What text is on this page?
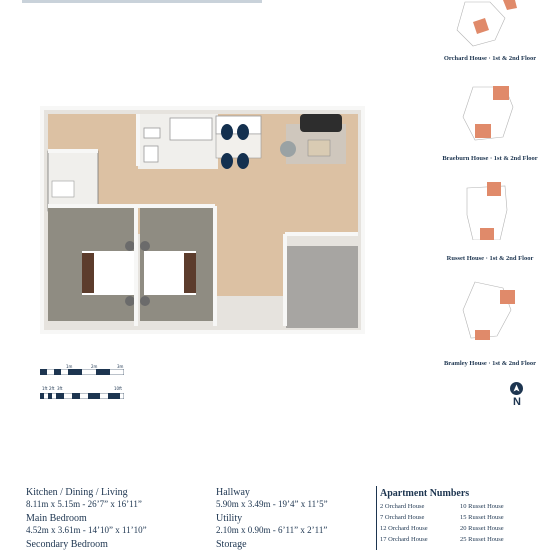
1m	2m	3m
1ft 2ft 3ft	10ft
Orchard House · 1st & 2nd Floor
Braeburn House · 1st & 2nd Floor
Russet House · 1st & 2nd Floor
Bramley House · 1st & 2nd Floor
N
Kitchen / Dining / Living
8.11m x 5.15m - 26’7” x 16’11”
Main Bedroom
4.52m x 3.61m - 14’10” x 11’10”
Secondary Bedroom
Hallway
5.90m x 3.49m - 19’4” x 11’5”
Utility
2.10m x 0.90m - 6’11” x 2’11”
Storage
Apartment Numbers
2 Orchard House
7 Orchard House
12 Orchard House
17 Orchard House
10 Russet House
15 Russet House
20 Russet House
25 Russet House
